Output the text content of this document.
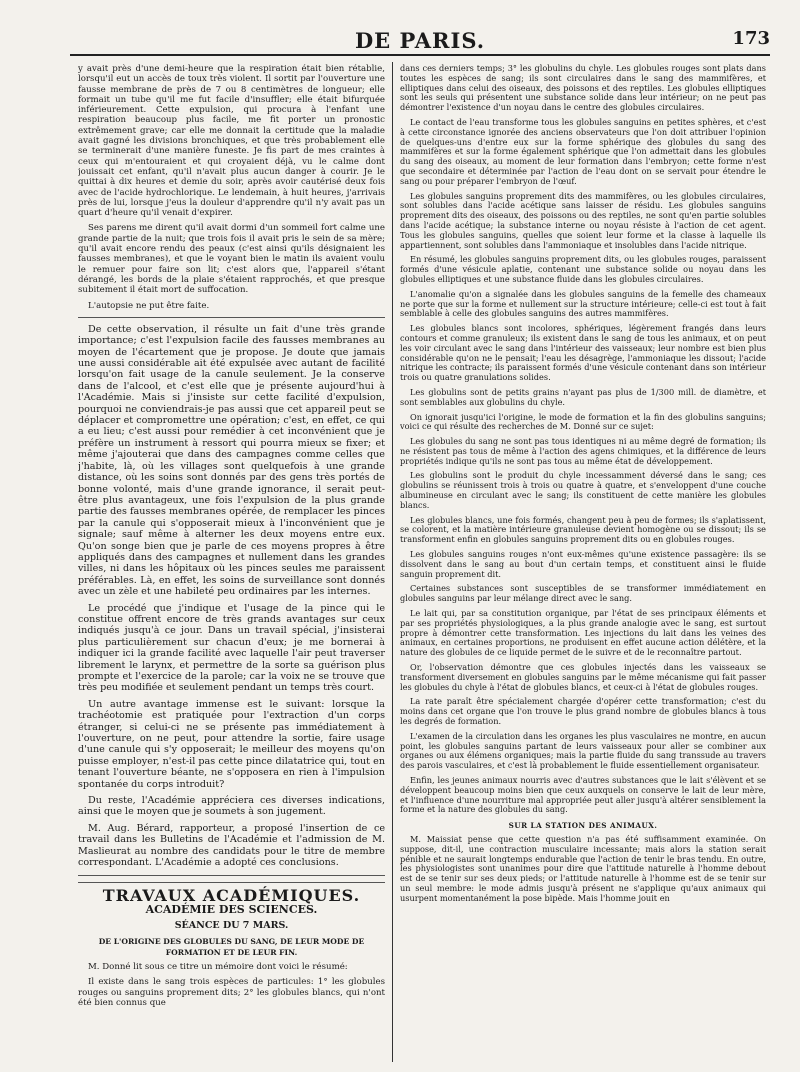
DE PARIS.	173

y avait près d'une demi-heure que la respiration était bien rétablie, lorsqu'il eut un accès de toux très violent. Il sortit par l'ouverture une fausse membrane de près de 7 ou 8 centimètres de longueur; elle formait un tube qu'il me fut facile d'insuffler; elle était bifurquée inférieurement. Cette expulsion, qui procura à l'enfant une respiration beaucoup plus facile, me fit porter un pronostic extrêmement grave; car elle me donnait la certitude que la maladie avait gagné les divisions bronchiques, et que très probablement elle se terminerait d'une manière funeste. Je fis part de mes craintes à ceux qui m'entouraient et qui croyaient déjà, vu le calme dont jouissait cet enfant, qu'il n'avait plus aucun danger à courir. Je le quittai à dix heures et demie du soir, après avoir cautérisé deux fois avec de l'acide hydrochlorique. Le lendemain, à huit heures, j'arrivais près de lui, lorsque j'eus la douleur d'apprendre qu'il n'y avait pas un quart d'heure qu'il venait d'expirer.

Ses parens me dirent qu'il avait dormi d'un sommeil fort calme une grande partie de la nuit; que trois fois il avait pris le sein de sa mère; qu'il avait encore rendu des peaux (c'est ainsi qu'ils désignaient les fausses membranes), et que le voyant bien le matin ils avaient voulu le remuer pour faire son lit; c'est alors que, l'appareil s'étant dérangé, les bords de la plaie s'étaient rapprochés, et que presque subitement il était mort de suffocation.

L'autopsie ne put être faite.

De cette observation, il résulte un fait d'une très grande importance; c'est l'expulsion facile des fausses membranes au moyen de l'écartement que je propose. Je doute que jamais une aussi considérable ait été expulsée avec autant de facilité lorsqu'on fait usage de la canule seulement. Je la conserve dans de l'alcool, et c'est elle que je présente aujourd'hui à l'Académie. Mais si j'insiste sur cette facilité d'expulsion, pourquoi ne conviendrais-je pas aussi que cet appareil peut se déplacer et compromettre une opération; c'est, en effet, ce qui a eu lieu; c'est aussi pour remédier à cet inconvénient que je préfère un instrument à ressort qui pourra mieux se fixer; et même j'ajouterai que dans des campagnes comme celles que j'habite, là, où les villages sont quelquefois à une grande distance, où les soins sont donnés par des gens très portés de bonne volonté, mais d'une grande ignorance, il serait peut-être plus avantageux, une fois l'expulsion de la plus grande partie des fausses membranes opérée, de remplacer les pinces par la canule qui s'opposerait mieux à l'inconvénient que je signale; sauf même à alterner les deux moyens entre eux. Qu'on songe bien que je parle de ces moyens propres à être appliqués dans des campagnes et nullement dans les grandes villes, ni dans les hôpitaux où les pinces seules me paraissent préférables. Là, en effet, les soins de surveillance sont donnés avec un zèle et une habileté peu ordinaires par les internes.

Le procédé que j'indique et l'usage de la pince qui le constitue offrent encore de très grands avantages sur ceux indiqués jusqu'à ce jour. Dans un travail spécial, j'insisterai plus particulièrement sur chacun d'eux; je me bornerai à indiquer ici la grande facilité avec laquelle l'air peut traverser librement le larynx, et permettre de la sorte sa guérison plus prompte et l'exercice de la parole; car la voix ne se trouve que très peu modifiée et seulement pendant un temps très court.

Un autre avantage immense est le suivant: lorsque la trachéotomie est pratiquée pour l'extraction d'un corps étranger, si celui-ci ne se présente pas immédiatement à l'ouverture, on ne peut, pour attendre la sortie, faire usage d'une canule qui s'y opposerait; le meilleur des moyens qu'on puisse employer, n'est-il pas cette pince dilatatrice qui, tout en tenant l'ouverture béante, ne s'opposera en rien à l'impulsion spontanée du corps introduit?

Du reste, l'Académie appréciera ces diverses indications, ainsi que le moyen que je soumets à son jugement.

M. Aug. Bérard, rapporteur, a proposé l'insertion de ce travail dans les Bulletins de l'Académie et l'admission de M. Maslieurat au nombre des candidats pour le titre de membre correspondant. L'Académie a adopté ces conclusions.

TRAVAUX ACADÉMIQUES.
ACADÉMIE DES SCIENCES.
SÉANCE DU 7 MARS.
DE L'ORIGINE DES GLOBULES DU SANG, DE LEUR MODE DE FORMATION ET DE LEUR FIN.

M. Donné lit sous ce titre un mémoire dont voici le résumé:

Il existe dans le sang trois espèces de particules: 1° les globules rouges ou sanguins proprement dits; 2° les globules blancs, qui n'ont été bien connus que

dans ces derniers temps; 3° les globulins du chyle. Les globules rouges sont plats dans toutes les espèces de sang; ils sont circulaires dans le sang des mammifères, et elliptiques dans celui des oiseaux, des poissons et des reptiles. Les globules elliptiques sont les seuls qui présentent une substance solide dans leur intérieur; on ne peut pas démontrer l'existence d'un noyau dans le centre des globules circulaires.

Le contact de l'eau transforme tous les globules sanguins en petites sphères, et c'est à cette circonstance ignorée des anciens observateurs que l'on doit attribuer l'opinion de quelques-uns d'entre eux sur la forme sphérique des globules du sang des mammifères et sur la forme également sphérique que l'on admettait dans les globules du sang des oiseaux, au moment de leur formation dans l'embryon; cette forme n'est que secondaire et déterminée par l'action de l'eau dont on se servait pour étendre le sang ou pour préparer l'embryon de l'œuf.

Les globules sanguins proprement dits des mammifères, ou les globules circulaires, sont solubles dans l'acide acétique sans laisser de résidu. Les globules sanguins proprement dits des oiseaux, des poissons ou des reptiles, ne sont qu'en partie solubles dans l'acide acétique; la substance interne ou noyau résiste à l'action de cet agent. Tous les globules sanguins, quelles que soient leur forme et la classe à laquelle ils appartiennent, sont solubles dans l'ammoniaque et insolubles dans l'acide nitrique.

En résumé, les globules sanguins proprement dits, ou les globules rouges, paraissent formés d'une vésicule aplatie, contenant une substance solide ou noyau dans les globules elliptiques et une substance fluide dans les globules circulaires.

L'anomalie qu'on a signalée dans les globules sanguins de la femelle des chameaux ne porte que sur la forme et nullement sur la structure intérieure; celle-ci est tout à fait semblable à celle des globules sanguins des autres mammifères.

Les globules blancs sont incolores, sphériques, légèrement frangés dans leurs contours et comme granuleux; ils existent dans le sang de tous les animaux, et on peut les voir circulant avec le sang dans l'intérieur des vaisseaux; leur nombre est bien plus considérable qu'on ne le pensait; l'eau les désagrège, l'ammoniaque les dissout; l'acide nitrique les contracte; ils paraissent formés d'une vésicule contenant dans son intérieur trois ou quatre granulations solides.

Les globulins sont de petits grains n'ayant pas plus de 1/300 mill. de diamètre, et sont semblables aux globulins du chyle.

On ignorait jusqu'ici l'origine, le mode de formation et la fin des globulins sanguins; voici ce qui résulte des recherches de M. Donné sur ce sujet:

Les globules du sang ne sont pas tous identiques ni au même degré de formation; ils ne résistent pas tous de même à l'action des agens chimiques, et la différence de leurs propriétés indique qu'ils ne sont pas tous au même état de développement.

Les globulins sont le produit du chyle incessamment déversé dans le sang; ces globulins se réunissent trois à trois ou quatre à quatre, et s'enveloppent d'une couche albumineuse en circulant avec le sang; ils constituent de cette manière les globules blancs.

Les globules blancs, une fois formés, changent peu à peu de formes; ils s'aplatissent, se colorent, et la matière intérieure granuleuse devient homogène ou se dissout; ils se transforment enfin en globules sanguins proprement dits ou en globules rouges.

Les globules sanguins rouges n'ont eux-mêmes qu'une existence passagère: ils se dissolvent dans le sang au bout d'un certain temps, et constituent ainsi le fluide sanguin proprement dit.

Certaines substances sont susceptibles de se transformer immédiatement en globules sanguins par leur mélange direct avec le sang.

Le lait qui, par sa constitution organique, par l'état de ses principaux éléments et par ses propriétés physiologiques, a la plus grande analogie avec le sang, est surtout propre à démontrer cette transformation. Les injections du lait dans les veines des animaux, en certaines proportions, ne produisent en effet aucune action délétère, et la nature des globules de ce liquide permet de le suivre et de le reconnaître partout.

Or, l'observation démontre que ces globules injectés dans les vaisseaux se transforment diversement en globules sanguins par le même mécanisme qui fait passer les globules du chyle à l'état de globules blancs, et ceux-ci à l'état de globules rouges.

La rate paraît être spécialement chargée d'opérer cette transformation; c'est du moins dans cet organe que l'on trouve le plus grand nombre de globules blancs à tous les degrés de formation.

L'examen de la circulation dans les organes les plus vasculaires ne montre, en aucun point, les globules sanguins partant de leurs vaisseaux pour aller se combiner aux organes ou aux élémens organiques; mais la partie fluide du sang transsude au travers des parois vasculaires, et c'est là probablement le fluide essentiellement organisateur.

Enfin, les jeunes animaux nourris avec d'autres substances que le lait s'élèvent et se développent beaucoup moins bien que ceux auxquels on conserve le lait de leur mère, et l'influence d'une nourriture mal appropriée peut aller jusqu'à altérer sensiblement la forme et la nature des globules du sang.

SUR LA STATION DES ANIMAUX.

M. Maissiat pense que cette question n'a pas été suffisamment examinée. On suppose, dit-il, une contraction musculaire incessante; mais alors la station serait pénible et ne saurait longtemps endurable que l'action de tenir le bras tendu. En outre, les physiologistes sont unanimes pour dire que l'attitude naturelle à l'homme debout est de se tenir sur ses deux pieds; or l'attitude naturelle à l'homme est de se tenir sur un seul membre: le mode admis jusqu'à présent ne s'applique qu'aux animaux qui usurpent momentanément la pose bipède. Mais l'homme jouit en
